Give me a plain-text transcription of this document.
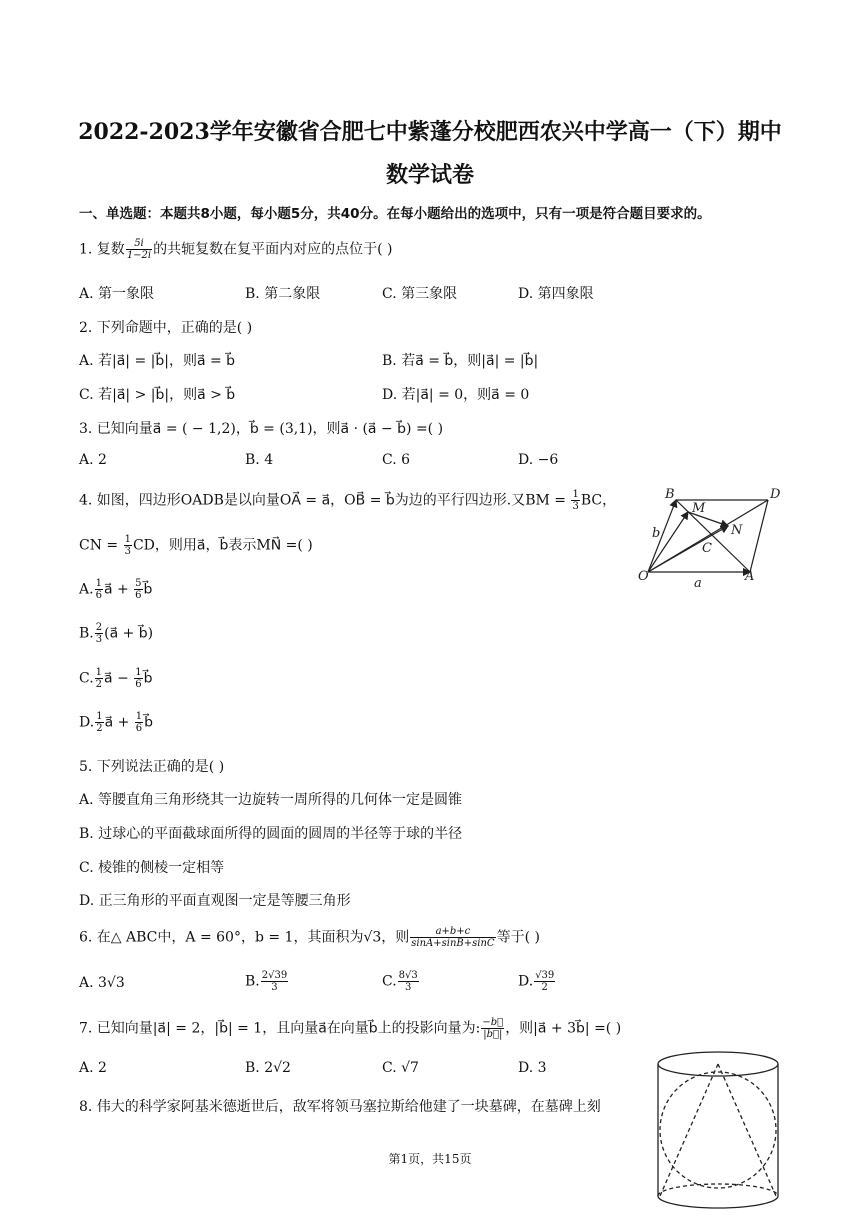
2022-2023学年安徽省合肥七中紫蓬分校肥西农兴中学高一（下）期中
数学试卷
一、单选题：本题共8小题，每小题5分，共40分。在每小题给出的选项中，只有一项是符合题目要求的。
1. 复数 $\frac{5i}{1-2i}$ 的共轭复数在复平面内对应的点位于( )
A. 第一象限	B. 第二象限	C. 第三象限	D. 第四象限
2. 下列命题中，正确的是( )
A. 若|a⃗| = |b⃗|，则a⃗ = b⃗	B. 若a⃗ = b⃗，则|a⃗| = |b⃗|
C. 若|a⃗| > |b⃗|，则a⃗ > b⃗	D. 若|a⃗| = 0，则a⃗ = 0
3. 已知向量a⃗ = ( − 1,2)，b⃗ = (3,1)，则a⃗ · (a⃗ − b⃗) =( )
A. 2	B. 4	C. 6	D. −6
4. 如图，四边形OADB是以向量OA⃗ = a⃗，OB⃗ = b⃗为边的平行四边形.又BM = $\frac{1}{3}$ BC，
CN = $\frac{1}{3}$ CD，则用a⃗，b⃗表示MN⃗ =( )
A. $\frac{1}{6}$ a⃗ + $\frac{5}{6}$ b⃗
B. $\frac{2}{3}$ (a⃗ + b⃗)
C. $\frac{1}{2}$ a⃗ − $\frac{1}{6}$ b⃗
D. $\frac{1}{2}$ a⃗ + $\frac{1}{6}$ b⃗
B	D
M
N
C
O	A
a
b
5. 下列说法正确的是( )
A. 等腰直角三角形绕其一边旋转一周所得的几何体一定是圆锥
B. 过球心的平面截球面所得的圆面的圆周的半径等于球的半径
C. 棱锥的侧棱一定相等
D. 正三角形的平面直观图一定是等腰三角形
6. 在△ ABC中，A = 60°，b = 1，其面积为√3，则 $\frac{a+b+c}{\sin A+\sin B+\sin C}$ 等于( )
A. 3√3	B. $\frac{2√39}{3}$	C. $\frac{8√3}{3}$	D. $\frac{√39}{2}$
7. 已知向量|a⃗| = 2，|b⃗| = 1，且向量a⃗在向量b⃗上的投影向量为: $\frac{-b⃗}{|b⃗|}$ ，则|a⃗ + 3b⃗| =( )
A. 2	B. 2√2	C. √7	D. 3
8. 伟大的科学家阿基米德逝世后，敌军将领马塞拉斯给他建了一块墓碑，在墓碑上刻
第1页，共15页
